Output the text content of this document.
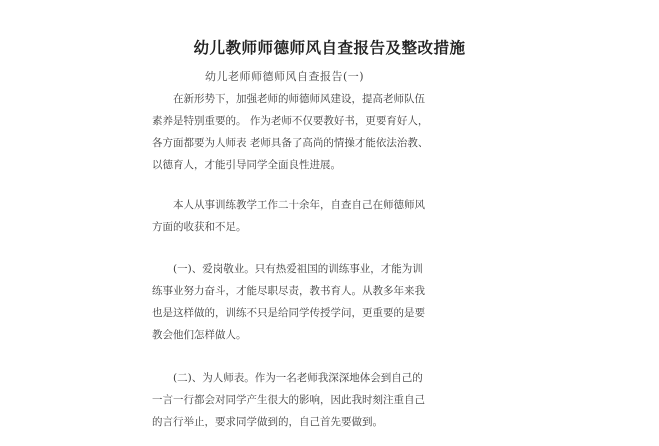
幼儿教师师德师风自查报告及整改措施
幼儿老师师德师风自查报告(一)
在新形势下，加强老师的师德师风建设，提高老师队伍
素养是特别重要的。 作为老师不仅要教好书，更要育好人，
各方面都要为人师表 老师具备了高尚的情操才能依法治教、
以德育人，才能引导同学全面良性进展。
本人从事训练教学工作二十余年，自查自己在师德师风
方面的收获和不足。
(一)、爱岗敬业。只有热爱祖国的训练事业，才能为训
练事业努力奋斗，才能尽职尽责，教书育人。从教多年来我
也是这样做的，训练不只是给同学传授学问，更重要的是要
教会他们怎样做人。
(二)、为人师表。作为一名老师我深深地体会到自己的
一言一行都会对同学产生很大的影响，因此我时刻注重自己
的言行举止，要求同学做到的，自己首先要做到。
